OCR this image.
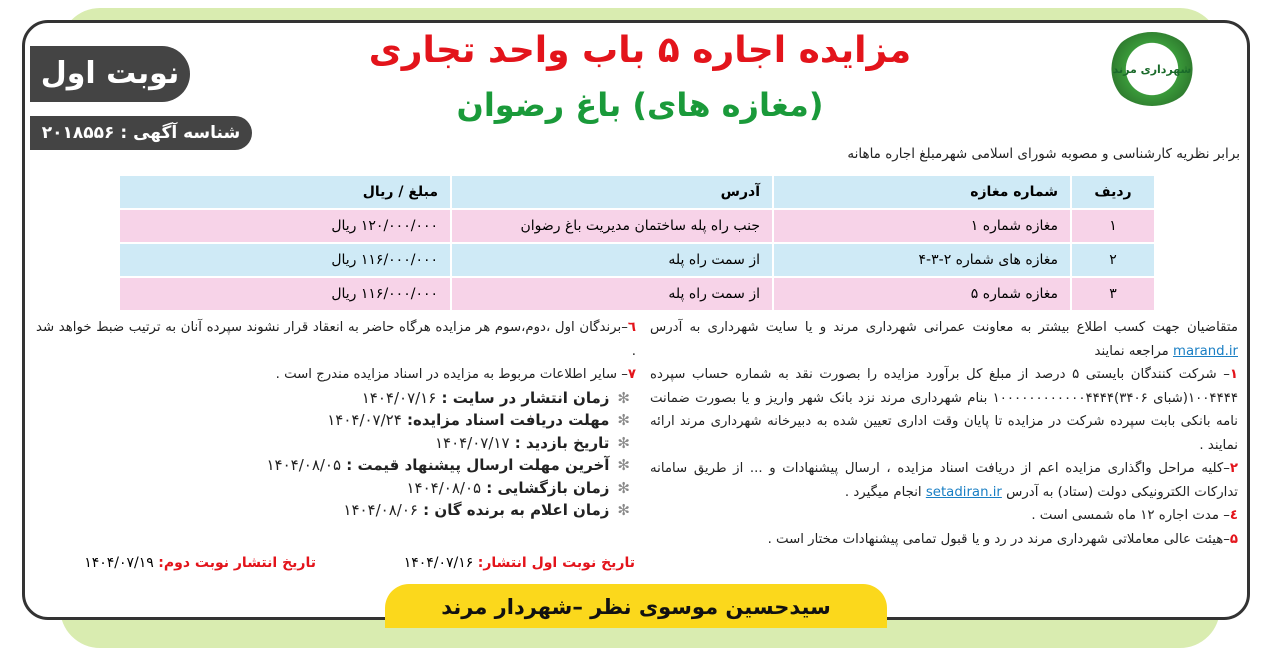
شهرداری مرند
مزایده اجاره ۵ باب واحد تجاری
(مغازه های) باغ رضوان
نوبت اول
شناسه آگهی : ۲۰۱۸۵۵۶
برابر نظریه کارشناسی و مصوبه شورای اسلامی شهرمبلغ اجاره ماهانه
ردیف	شماره مغازه	آدرس	مبلغ / ریال
۱	مغازه شماره ۱	جنب راه پله ساختمان مدیریت باغ رضوان	۱۲۰/۰۰۰/۰۰۰ ریال
۲	مغازه های شماره ۲-۳-۴	از سمت راه پله	۱۱۶/۰۰۰/۰۰۰ ریال
۳	مغازه شماره ۵	از سمت راه پله	۱۱۶/۰۰۰/۰۰۰ ریال

متقاضیان جهت کسب اطلاع بیشتر به معاونت عمرانی شهرداری مرند و یا سایت شهرداری به آدرس marand.ir مراجعه نمایند

۱– شرکت کنندگان بایستی ۵ درصد از مبلغ کل برآورد مزایده را بصورت نقد به شماره حساب سپرده ۱۰۰۴۴۴۴(شبای ۳۴۰۶)۱۰۰۰۰۰۰۰۰۰۰۰۰۴۴۴۴ بنام شهرداری مرند نزد بانک شهر واریز و یا بصورت ضمانت نامه بانکی بابت سپرده شرکت در مزایده تا پایان وقت اداری تعیین شده به دبیرخانه شهرداری مرند ارائه نمایند .

۲–کلیه مراحل واگذاری مزایده اعم از دریافت اسناد مزایده ، ارسال پیشنهادات و ... از طریق سامانه تدارکات الکترونیکی دولت (ستاد) به آدرس setadiran.ir انجام میگیرد .

٤– مدت اجاره ۱۲ ماه شمسی است .

۵–هیئت عالی معاملاتی شهرداری مرند در رد و یا قبول تمامی پیشنهادات مختار است .

٦–برندگان اول ،دوم،سوم هر مزایده هرگاه حاضر به انعقاد قرار نشوند سپرده آنان به ترتیب ضبط خواهد شد .

۷– سایر اطلاعات مربوط به مزایده در اسناد مزایده مندرج است .

✻زمان انتشار در سایت : ۱۴۰۴/۰۷/۱۶
✻مهلت دریافت اسناد مزایده: ۱۴۰۴/۰۷/۲۴
✻تاریخ بازدید : ۱۴۰۴/۰۷/۱۷
✻آخرین مهلت ارسال پیشنهاد قیمت : ۱۴۰۴/۰۸/۰۵
✻زمان بازگشایی : ۱۴۰۴/۰۸/۰۵
✻زمان اعلام به برنده گان : ۱۴۰۴/۰۸/۰۶
تاریخ نوبت اول انتشار: ۱۴۰۴/۰۷/۱۶
تاریخ انتشار نوبت دوم: ۱۴۰۴/۰۷/۱۹
سیدحسین موسوی نظر –شهردار مرند
